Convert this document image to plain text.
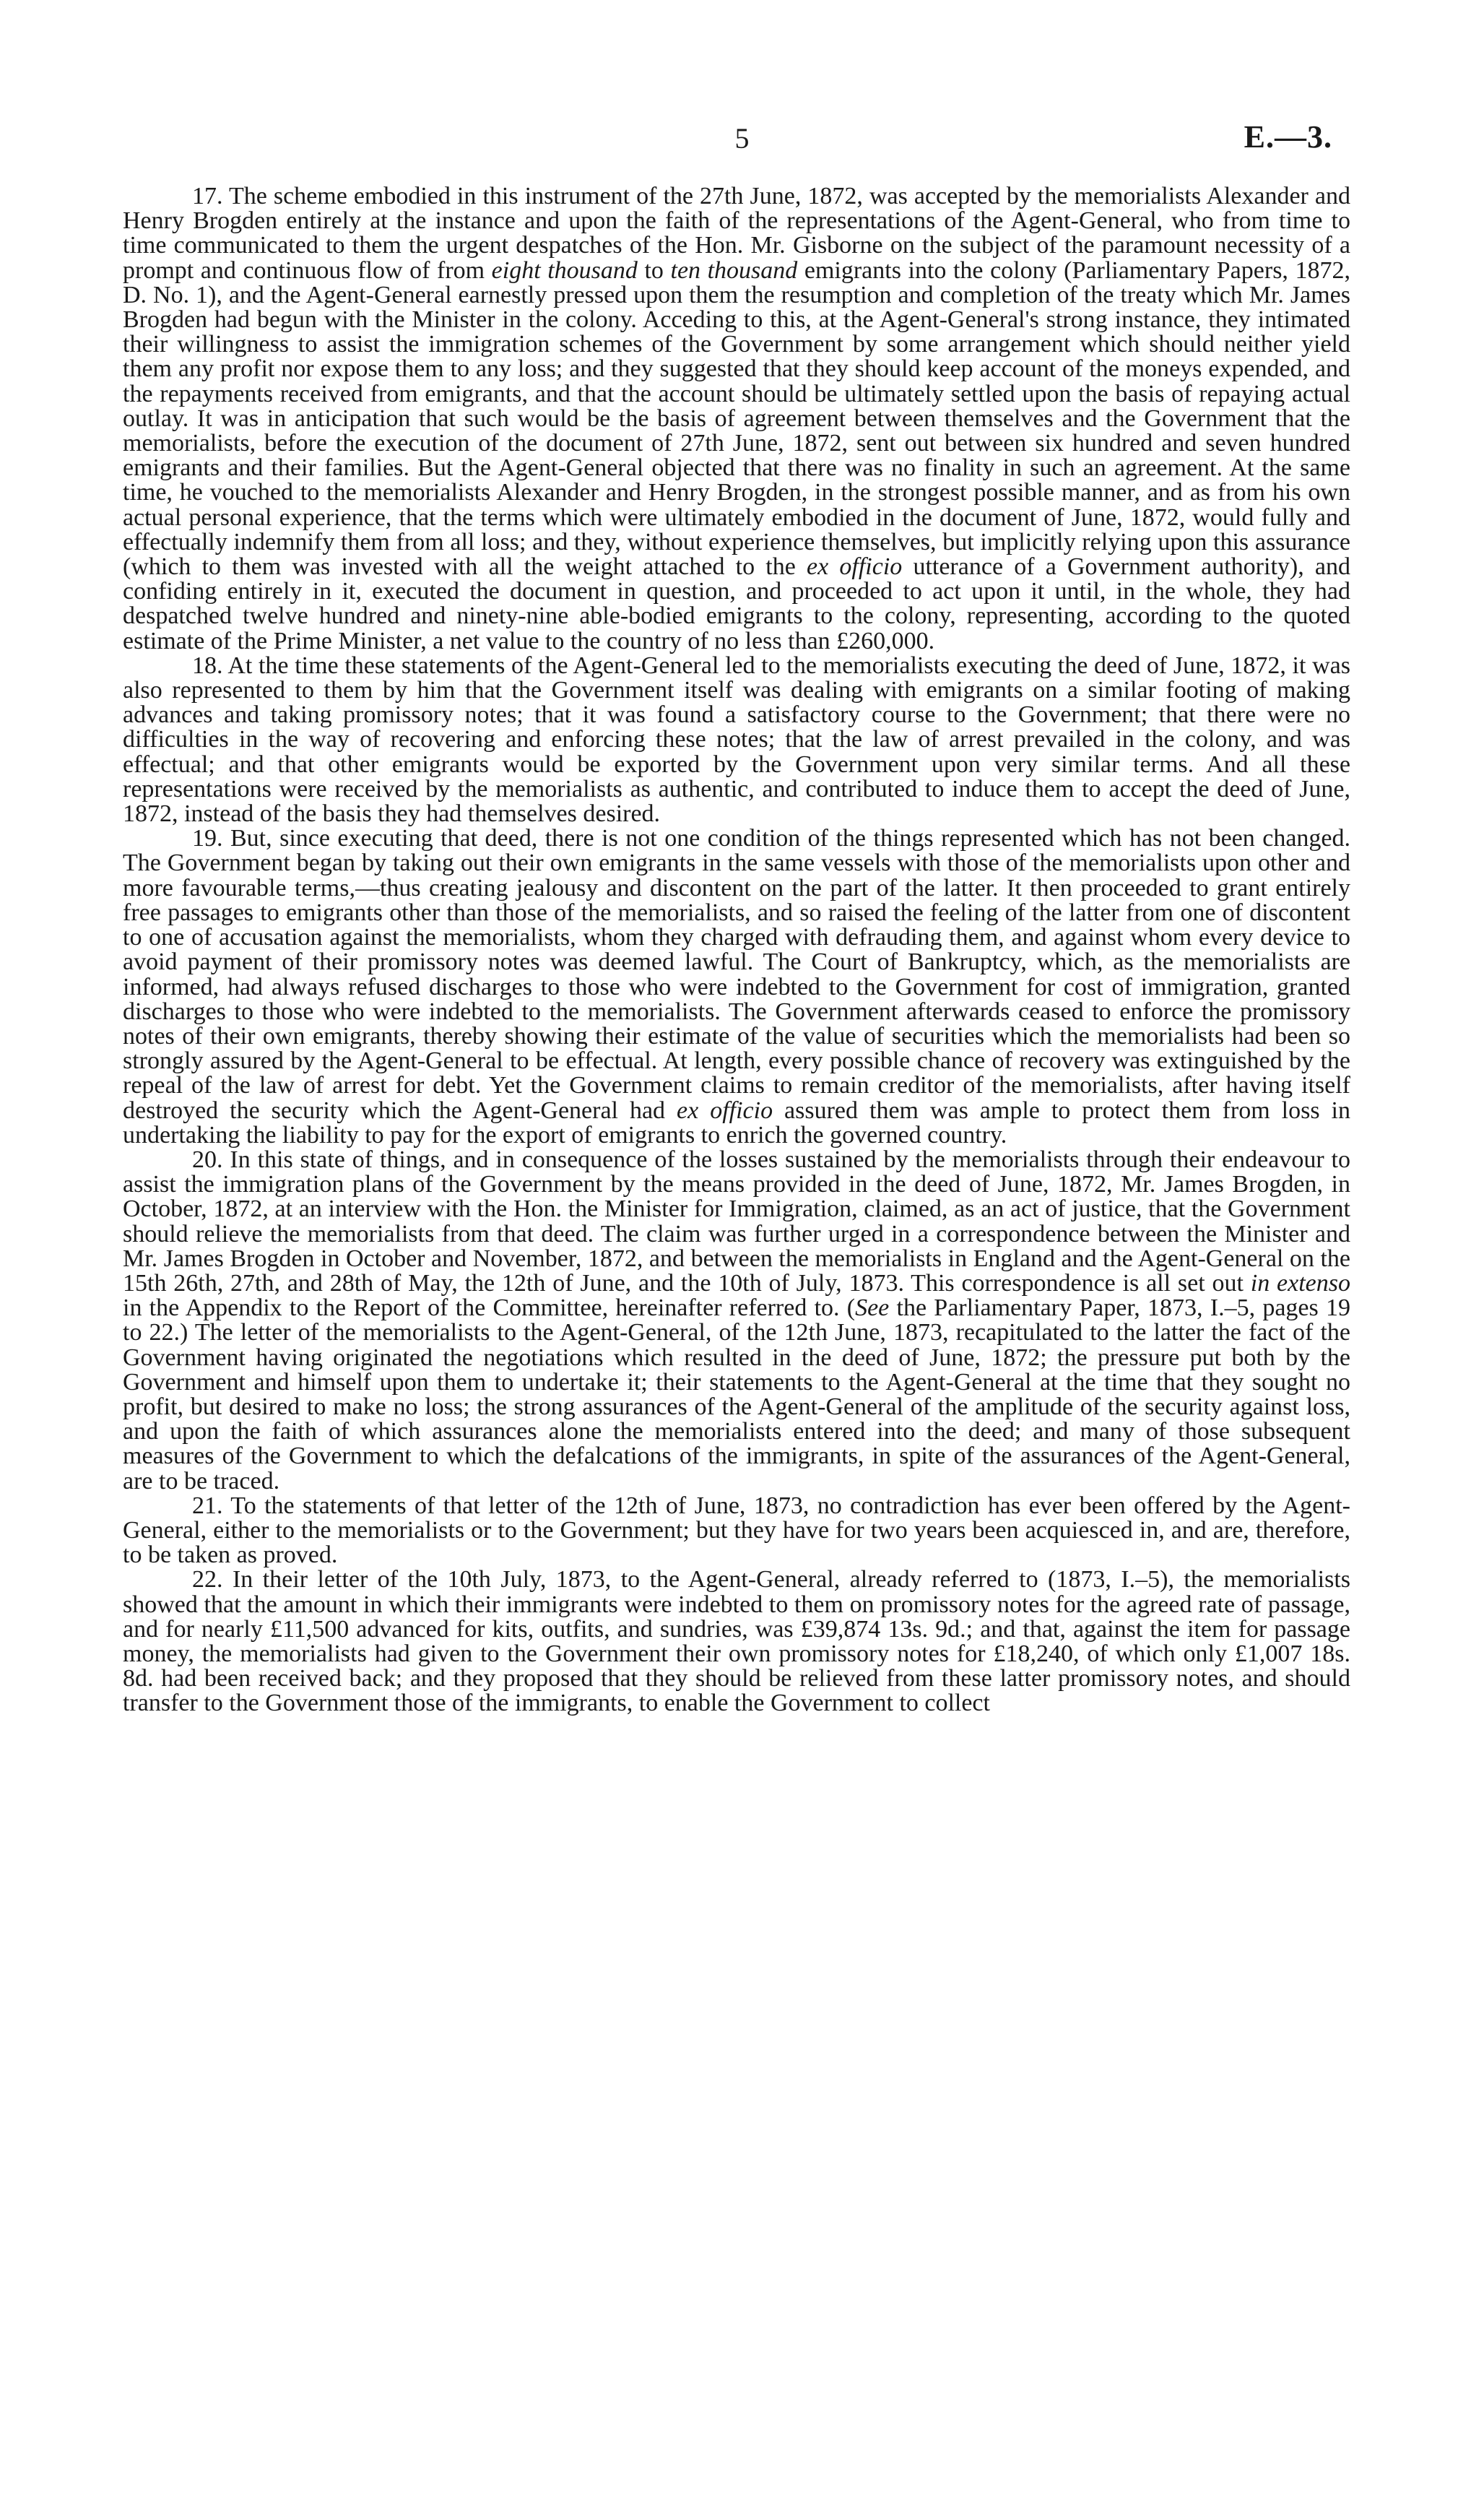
5	E.—3.

17. The scheme embodied in this instrument of the 27th June, 1872, was accepted by the memorialists Alexander and Henry Brogden entirely at the instance and upon the faith of the representations of the Agent-General, who from time to time communicated to them the urgent despatches of the Hon. Mr. Gisborne on the subject of the paramount necessity of a prompt and continuous flow of from eight thousand to ten thousand emigrants into the colony (Parliamentary Papers, 1872, D. No. 1), and the Agent-General earnestly pressed upon them the resumption and completion of the treaty which Mr. James Brogden had begun with the Minister in the colony. Acceding to this, at the Agent-General's strong instance, they intimated their willingness to assist the immigration schemes of the Government by some arrangement which should neither yield them any profit nor expose them to any loss; and they suggested that they should keep account of the moneys expended, and the repayments received from emigrants, and that the account should be ultimately settled upon the basis of repaying actual outlay. It was in anticipation that such would be the basis of agreement between themselves and the Government that the memorialists, before the execution of the document of 27th June, 1872, sent out between six hundred and seven hundred emigrants and their families. But the Agent-General objected that there was no finality in such an agreement. At the same time, he vouched to the memorialists Alexander and Henry Brogden, in the strongest possible manner, and as from his own actual personal experience, that the terms which were ultimately embodied in the document of June, 1872, would fully and effectually indemnify them from all loss; and they, without experience themselves, but implicitly relying upon this assurance (which to them was invested with all the weight attached to the ex officio utterance of a Government authority), and confiding entirely in it, executed the document in question, and proceeded to act upon it until, in the whole, they had despatched twelve hundred and ninety-nine able-bodied emigrants to the colony, representing, according to the quoted estimate of the Prime Minister, a net value to the country of no less than £260,000.

18. At the time these statements of the Agent-General led to the memorialists executing the deed of June, 1872, it was also represented to them by him that the Government itself was dealing with emigrants on a similar footing of making advances and taking promissory notes; that it was found a satisfactory course to the Government; that there were no difficulties in the way of recovering and enforcing these notes; that the law of arrest prevailed in the colony, and was effectual; and that other emigrants would be exported by the Government upon very similar terms. And all these representations were received by the memorialists as authentic, and contributed to induce them to accept the deed of June, 1872, instead of the basis they had themselves desired.

19. But, since executing that deed, there is not one condition of the things represented which has not been changed. The Government began by taking out their own emigrants in the same vessels with those of the memorialists upon other and more favourable terms,—thus creating jealousy and discontent on the part of the latter. It then proceeded to grant entirely free passages to emigrants other than those of the memorialists, and so raised the feeling of the latter from one of discontent to one of accusation against the memorialists, whom they charged with defrauding them, and against whom every device to avoid payment of their promissory notes was deemed lawful. The Court of Bankruptcy, which, as the memorialists are informed, had always refused discharges to those who were indebted to the Government for cost of immigration, granted discharges to those who were indebted to the memorialists. The Government afterwards ceased to enforce the promissory notes of their own emigrants, thereby showing their estimate of the value of securities which the memorialists had been so strongly assured by the Agent-General to be effectual. At length, every possible chance of recovery was extinguished by the repeal of the law of arrest for debt. Yet the Government claims to remain creditor of the memorialists, after having itself destroyed the security which the Agent-General had ex officio assured them was ample to protect them from loss in undertaking the liability to pay for the export of emigrants to enrich the governed country.

20. In this state of things, and in consequence of the losses sustained by the memorialists through their endeavour to assist the immigration plans of the Government by the means provided in the deed of June, 1872, Mr. James Brogden, in October, 1872, at an interview with the Hon. the Minister for Immigration, claimed, as an act of justice, that the Government should relieve the memorialists from that deed. The claim was further urged in a correspondence between the Minister and Mr. James Brogden in October and November, 1872, and between the memorialists in England and the Agent-General on the 15th 26th, 27th, and 28th of May, the 12th of June, and the 10th of July, 1873. This correspondence is all set out in extenso in the Appendix to the Report of the Committee, hereinafter referred to. (See the Parliamentary Paper, 1873, I.–5, pages 19 to 22.) The letter of the memorialists to the Agent-General, of the 12th June, 1873, recapitulated to the latter the fact of the Government having originated the negotiations which resulted in the deed of June, 1872; the pressure put both by the Government and himself upon them to undertake it; their statements to the Agent-General at the time that they sought no profit, but desired to make no loss; the strong assurances of the Agent-General of the amplitude of the security against loss, and upon the faith of which assurances alone the memorialists entered into the deed; and many of those subsequent measures of the Government to which the defalcations of the immigrants, in spite of the assurances of the Agent-General, are to be traced.

21. To the statements of that letter of the 12th of June, 1873, no contradiction has ever been offered by the Agent-General, either to the memorialists or to the Government; but they have for two years been acquiesced in, and are, therefore, to be taken as proved.

22. In their letter of the 10th July, 1873, to the Agent-General, already referred to (1873, I.–5), the memorialists showed that the amount in which their immigrants were indebted to them on promissory notes for the agreed rate of passage, and for nearly £11,500 advanced for kits, outfits, and sundries, was £39,874 13s. 9d.; and that, against the item for passage money, the memorialists had given to the Government their own promissory notes for £18,240, of which only £1,007 18s. 8d. had been received back; and they proposed that they should be relieved from these latter promissory notes, and should transfer to the Government those of the immigrants, to enable the Government to collect
